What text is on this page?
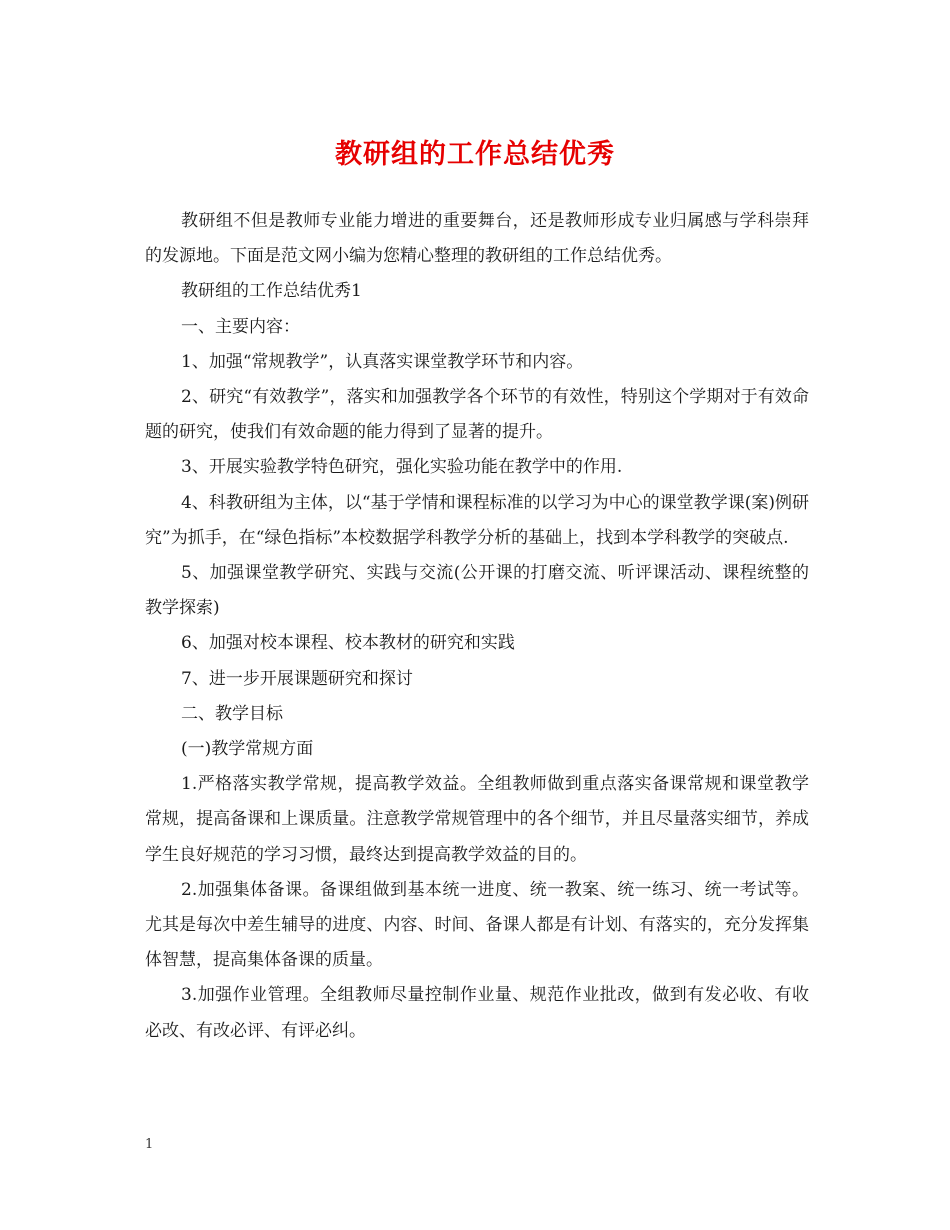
教研组的工作总结优秀

教研组不但是教师专业能力增进的重要舞台，还是教师形成专业归属感与学科崇拜的发源地。下面是范文网小编为您精心整理的教研组的工作总结优秀。

教研组的工作总结优秀1

一、主要内容：

1、加强“常规教学”，认真落实课堂教学环节和内容。

2、研究“有效教学”，落实和加强教学各个环节的有效性，特别这个学期对于有效命题的研究，使我们有效命题的能力得到了显著的提升。

3、开展实验教学特色研究，强化实验功能在教学中的作用.

4、科教研组为主体，以“基于学情和课程标准的以学习为中心的课堂教学课(案)例研究”为抓手，在“绿色指标”本校数据学科教学分析的基础上，找到本学科教学的突破点.

5、加强课堂教学研究、实践与交流(公开课的打磨交流、听评课活动、课程统整的教学探索)

6、加强对校本课程、校本教材的研究和实践

7、进一步开展课题研究和探讨

二、教学目标

(一)教学常规方面

1.严格落实教学常规，提高教学效益。全组教师做到重点落实备课常规和课堂教学常规，提高备课和上课质量。注意教学常规管理中的各个细节，并且尽量落实细节，养成学生良好规范的学习习惯，最终达到提高教学效益的目的。

2.加强集体备课。备课组做到基本统一进度、统一教案、统一练习、统一考试等。尤其是每次中差生辅导的进度、内容、时间、备课人都是有计划、有落实的，充分发挥集体智慧，提高集体备课的质量。

3.加强作业管理。全组教师尽量控制作业量、规范作业批改，做到有发必收、有收必改、有改必评、有评必纠。

1
